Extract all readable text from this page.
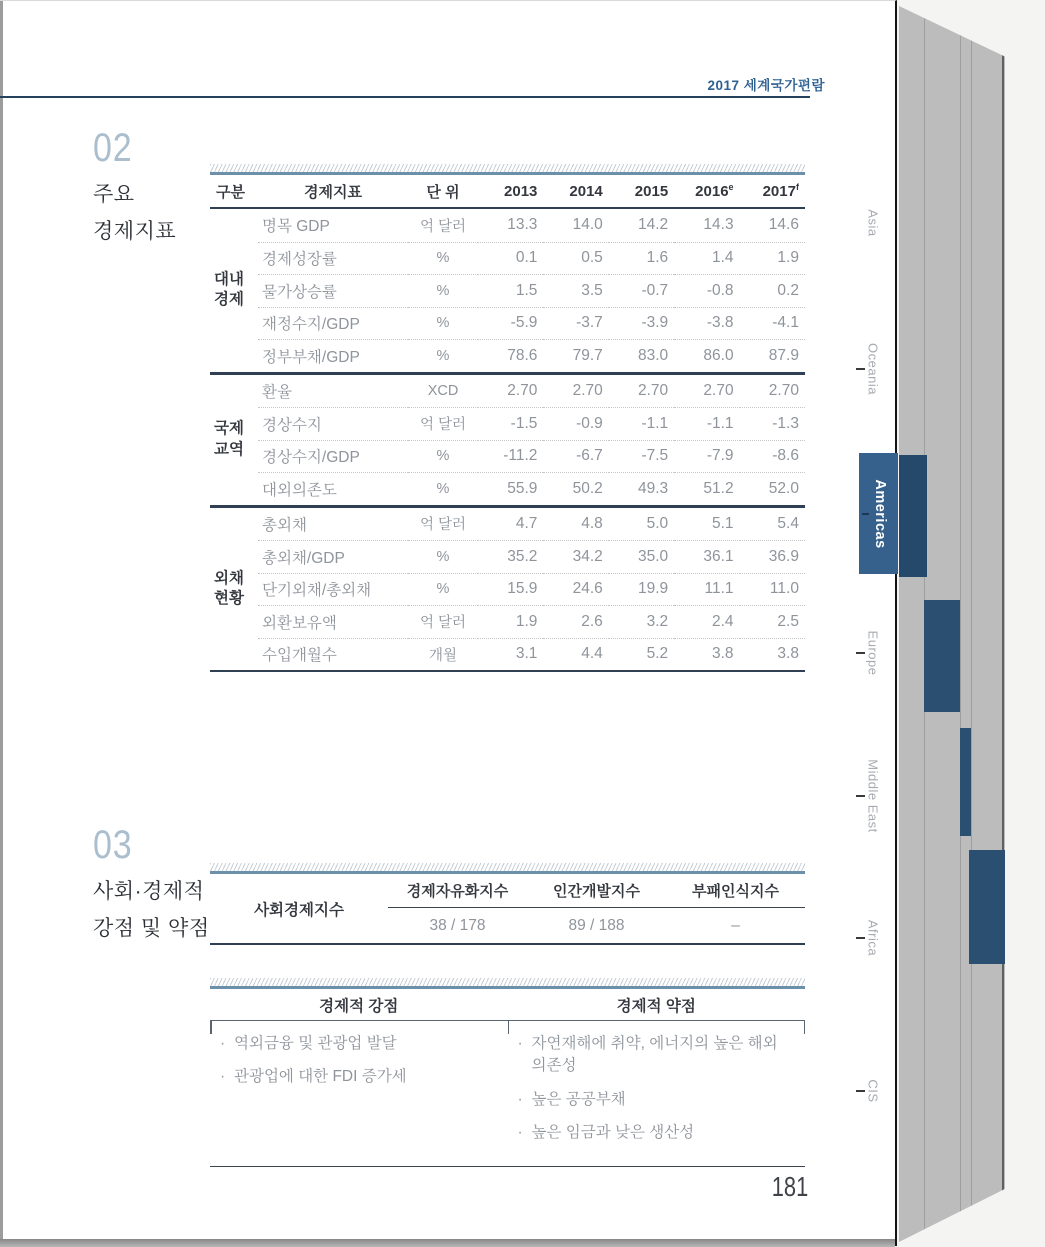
2017 세계국가편람
02
주요
경제지표
구분	경제지표	단 위	2013	2014	2015	2016e	2017$^f$
대내
경제
명목 GDP	억 달러	13.3	14.0	14.2	14.3	14.6
경제성장률	%	0.1	0.5	1.6	1.4	1.9
물가상승률	%	1.5	3.5	-0.7	-0.8	0.2
재정수지/GDP	%	-5.9	-3.7	-3.9	-3.8	-4.1
정부부채/GDP	%	78.6	79.7	83.0	86.0	87.9
국제
교역
환율	XCD	2.70	2.70	2.70	2.70	2.70
경상수지	억 달러	-1.5	-0.9	-1.1	-1.1	-1.3
경상수지/GDP	%	-11.2	-6.7	-7.5	-7.9	-8.6
대외의존도	%	55.9	50.2	49.3	51.2	52.0
외채
현황
총외채	억 달러	4.7	4.8	5.0	5.1	5.4
총외채/GDP	%	35.2	34.2	35.0	36.1	36.9
단기외채/총외채	%	15.9	24.6	19.9	11.1	11.0
외환보유액	억 달러	1.9	2.6	3.2	2.4	2.5
수입개월수	개월	3.1	4.4	5.2	3.8	3.8
03
사회·경제적
강점 및 약점
사회경제지수
경제자유화지수	인간개발지수	부패인식지수
38 / 178	89 / 188	–
경제적 강점	경제적 약점
· 역외금융 및 관광업 발달
· 관광업에 대한 FDI 증가세
· 자연재해에 취약, 에너지의 높은 해외 의존성
· 높은 공공부채
· 높은 임금과 낮은 생산성
181
Asia
Oceania
Americas
Europe
Middle East
Africa
CIS
